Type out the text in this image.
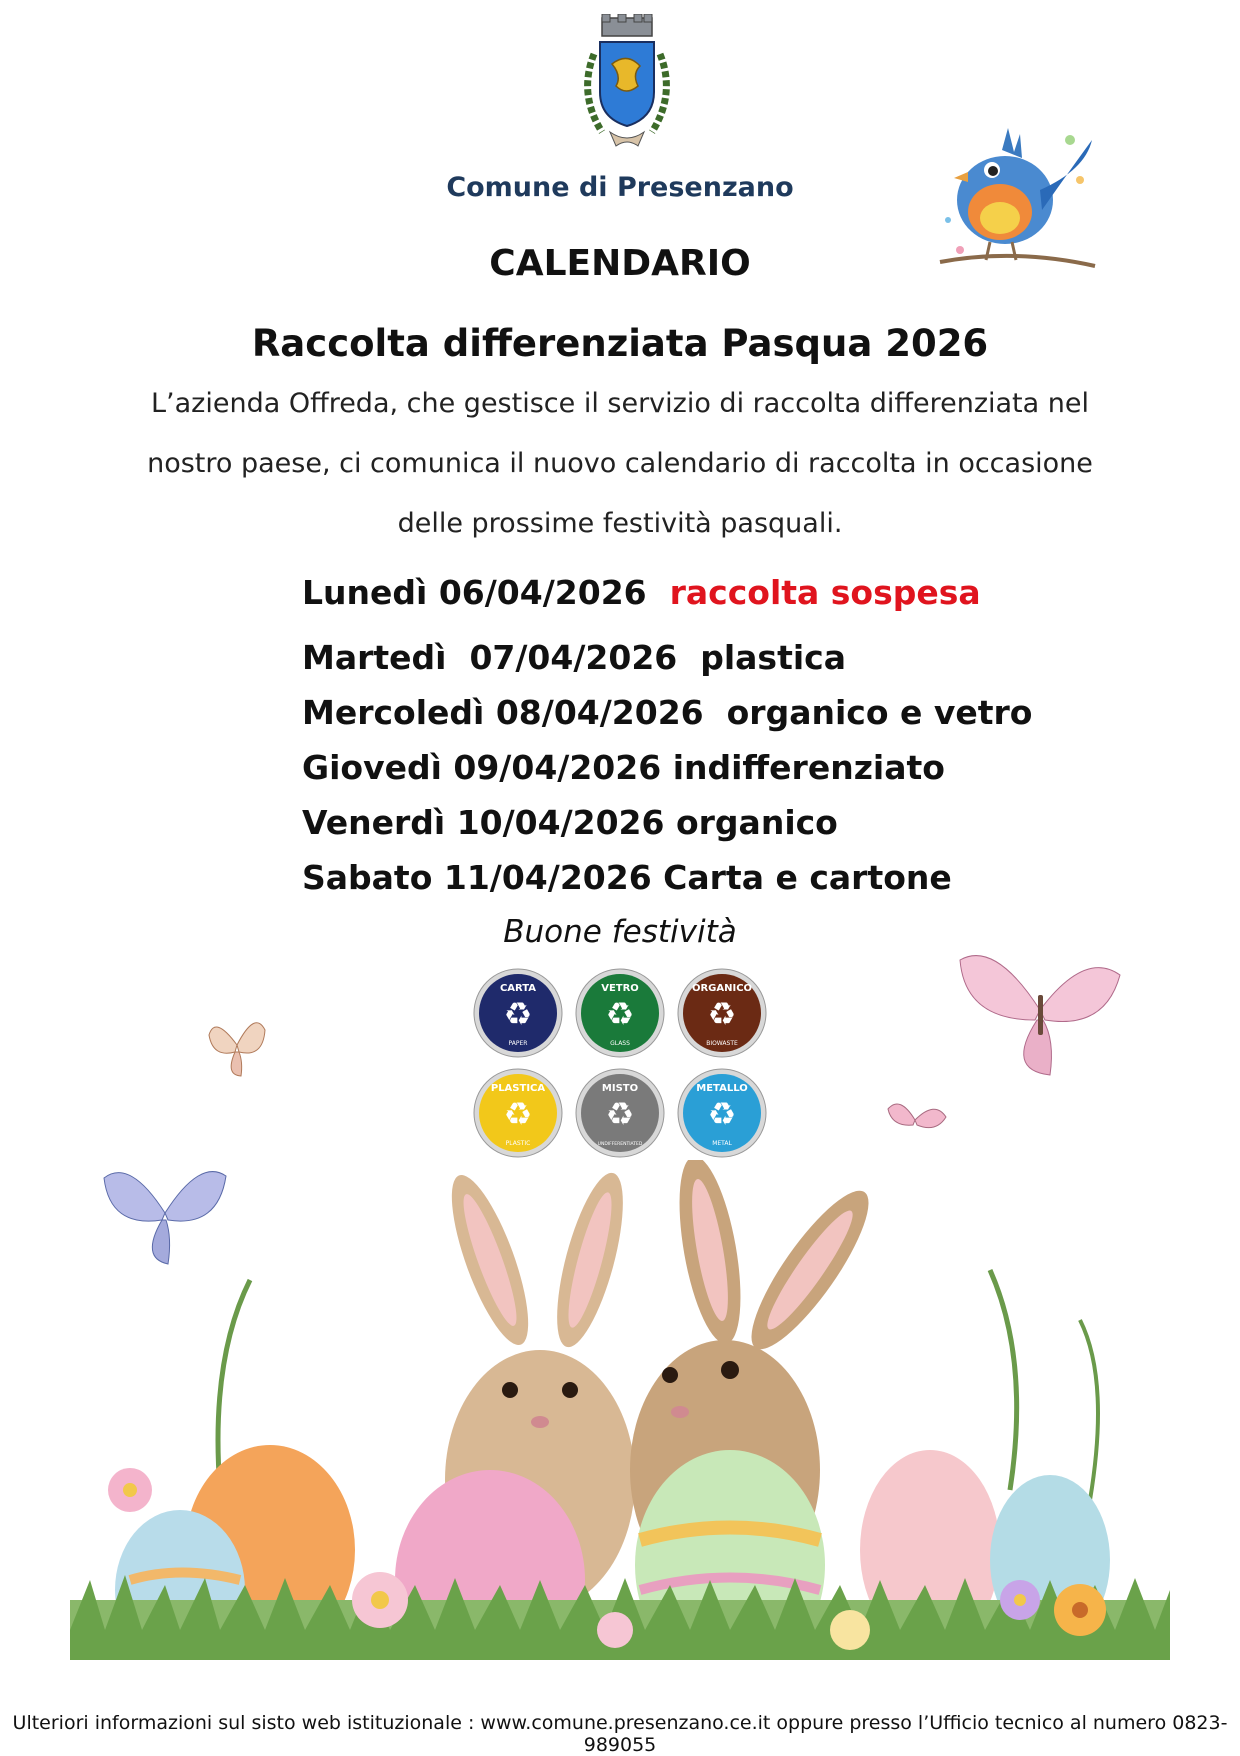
Comune di Presenzano
CALENDARIO
Raccolta differenziata Pasqua 2026
L’azienda Offreda, che gestisce il servizio di raccolta differenziata nel
nostro paese, ci comunica il nuovo calendario di raccolta in occasione
delle prossime festività pasquali.
Lunedì 06/04/2026 raccolta sospesa
Martedì  07/04/2026 plastica
Mercoledì 08/04/2026 organico e vetro
Giovedì 09/04/2026 indifferenziato
Venerdì 10/04/2026 organico
Sabato 11/04/2026 Carta e cartone
Buone festività
CARTA
♻
PAPER
VETRO
♻
GLASS
ORGANICO
♻
BIOWASTE
PLASTICA
♻
PLASTIC
MISTO
♻
UNDIFFERENTIATED
METALLO
♻
METAL
Ulteriori informazioni sul sisto web istituzionale : www.comune.presenzano.ce.it oppure presso l’Ufficio tecnico al numero 0823-989055
